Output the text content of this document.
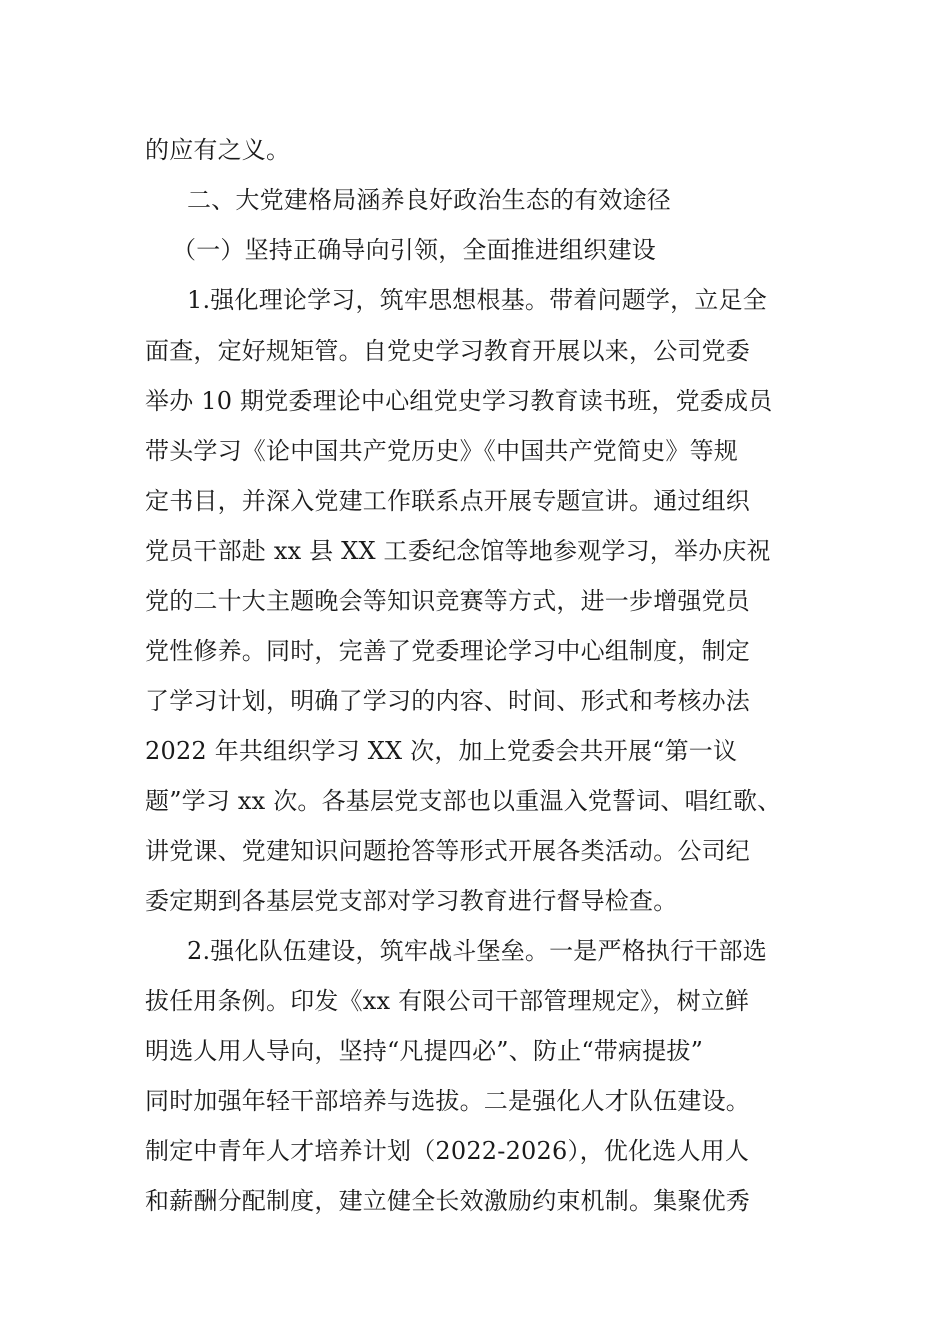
的应有之义。
二、大党建格局涵养良好政治生态的有效途径
（一）坚持正确导向引领，全面推进组织建设
1.强化理论学习，筑牢思想根基。带着问题学，立足全
面查，定好规矩管。自党史学习教育开展以来，公司党委
举办 10 期党委理论中心组党史学习教育读书班，党委成员
带头学习《论中国共产党历史》《中国共产党简史》等规
定书目，并深入党建工作联系点开展专题宣讲。通过组织
党员干部赴 xx 县 XX 工委纪念馆等地参观学习，举办庆祝
党的二十大主题晚会等知识竞赛等方式，进一步增强党员
党性修养。同时，完善了党委理论学习中心组制度，制定
了学习计划，明确了学习的内容、时间、形式和考核办法
2022 年共组织学习 XX 次，加上党委会共开展“第一议
题”学习 xx 次。各基层党支部也以重温入党誓词、唱红歌、
讲党课、党建知识问题抢答等形式开展各类活动。公司纪
委定期到各基层党支部对学习教育进行督导检查。
2.强化队伍建设，筑牢战斗堡垒。一是严格执行干部选
拔任用条例。印发《xx 有限公司干部管理规定》，树立鲜
明选人用人导向，坚持“凡提四必”、防止“带病提拔”
同时加强年轻干部培养与选拔。二是强化人才队伍建设。
制定中青年人才培养计划（2022-2026），优化选人用人
和薪酬分配制度，建立健全长效激励约束机制。集聚优秀
